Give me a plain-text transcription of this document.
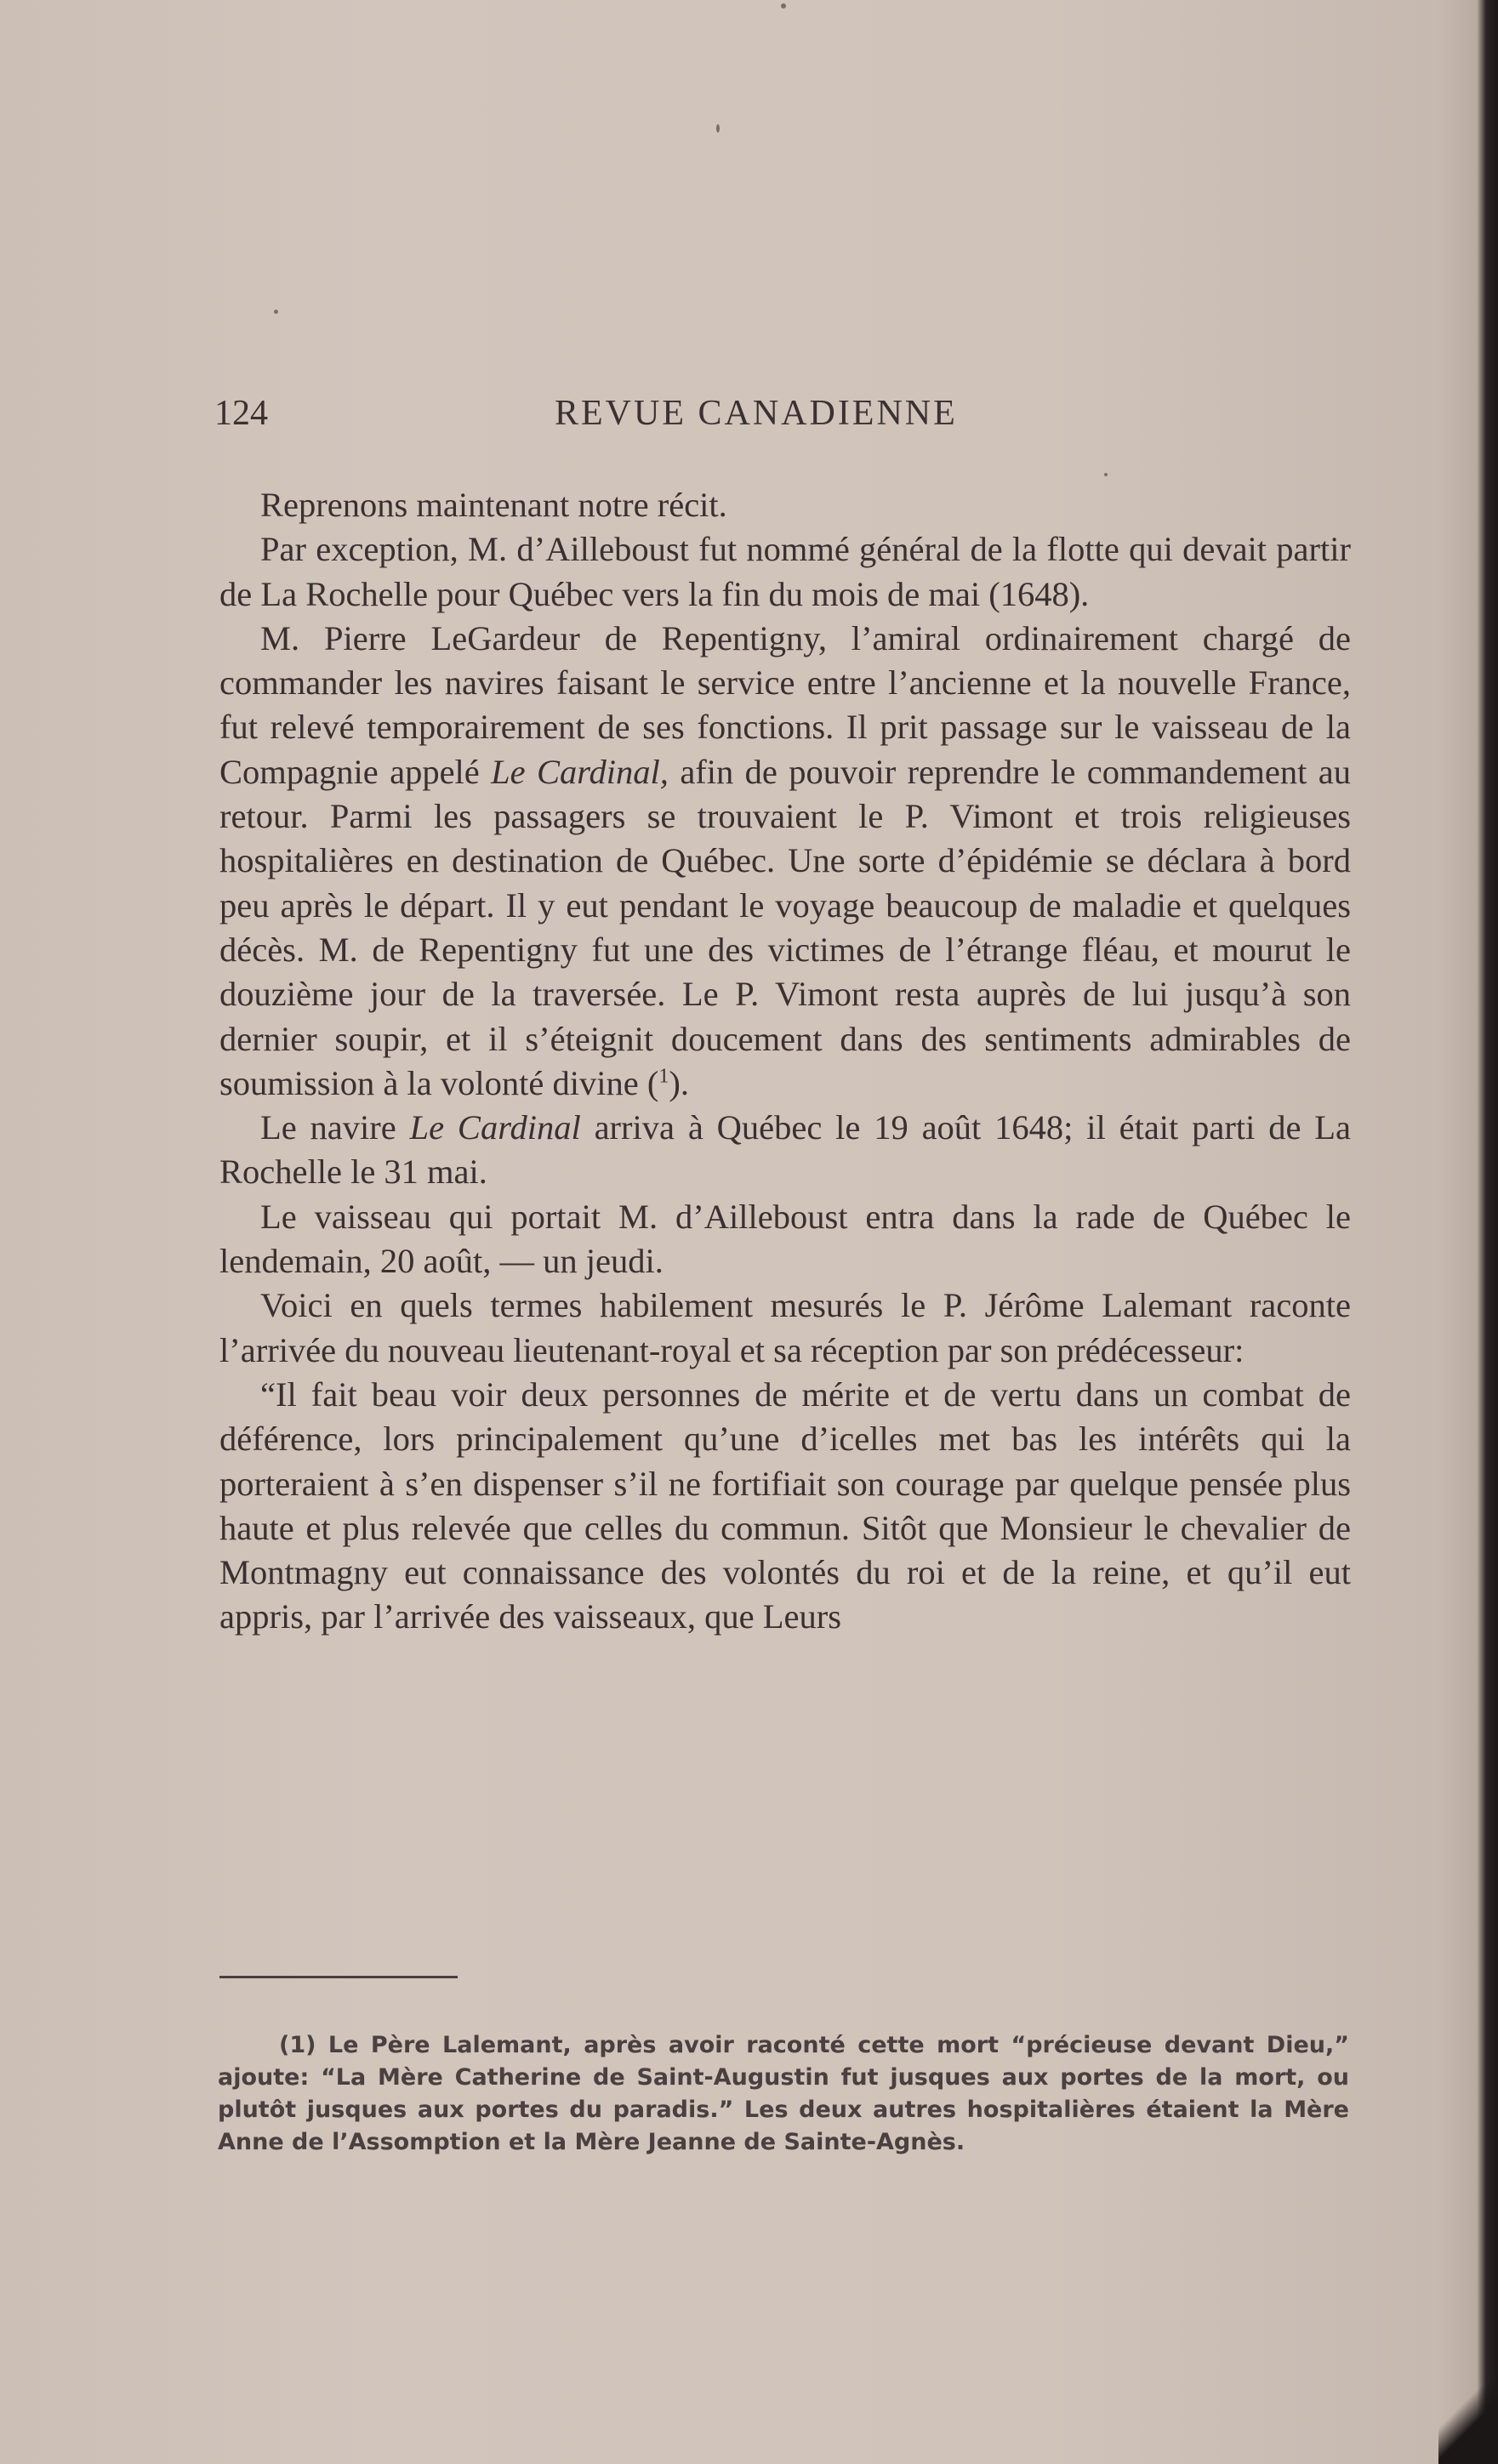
124	REVUE CANADIENNE

Reprenons maintenant notre récit.

Par exception, M. d’Ailleboust fut nommé général de la flotte qui devait partir de La Rochelle pour Québec vers la fin du mois de mai (1648).

M. Pierre LeGardeur de Repentigny, l’amiral ordinairement chargé de commander les navires faisant le service entre l’ancienne et la nouvelle France, fut relevé temporairement de ses fonctions. Il prit passage sur le vaisseau de la Compagnie appelé Le Cardinal, afin de pouvoir reprendre le commandement au retour. Parmi les passagers se trouvaient le P. Vimont et trois religieuses hospitalières en destination de Québec. Une sorte d’épidémie se déclara à bord peu après le départ. Il y eut pendant le voyage beaucoup de maladie et quelques décès. M. de Repentigny fut une des victimes de l’étrange fléau, et mourut le douzième jour de la traversée. Le P. Vimont resta auprès de lui jusqu’à son dernier soupir, et il s’éteignit doucement dans des sentiments admirables de soumission à la volonté divine ($^1$).

Le navire Le Cardinal arriva à Québec le 19 août 1648; il était parti de La Rochelle le 31 mai.

Le vaisseau qui portait M. d’Ailleboust entra dans la rade de Québec le lendemain, 20 août, — un jeudi.

Voici en quels termes habilement mesurés le P. Jérôme Lalemant raconte l’arrivée du nouveau lieutenant-royal et sa réception par son prédécesseur:

“Il fait beau voir deux personnes de mérite et de vertu dans un combat de déférence, lors principalement qu’une d’icelles met bas les intérêts qui la porteraient à s’en dispenser s’il ne fortifiait son courage par quelque pensée plus haute et plus relevée que celles du commun. Sitôt que Monsieur le chevalier de Montmagny eut connaissance des volontés du roi et de la reine, et qu’il eut appris, par l’arrivée des vaisseaux, que Leurs

(1) Le Père Lalemant, après avoir raconté cette mort “précieuse devant Dieu,” ajoute: “La Mère Catherine de Saint-Augustin fut jusques aux portes de la mort, ou plutôt jusques aux portes du paradis.” Les deux autres hospitalières étaient la Mère Anne de l’Assomption et la Mère Jeanne de Sainte-Agnès.
